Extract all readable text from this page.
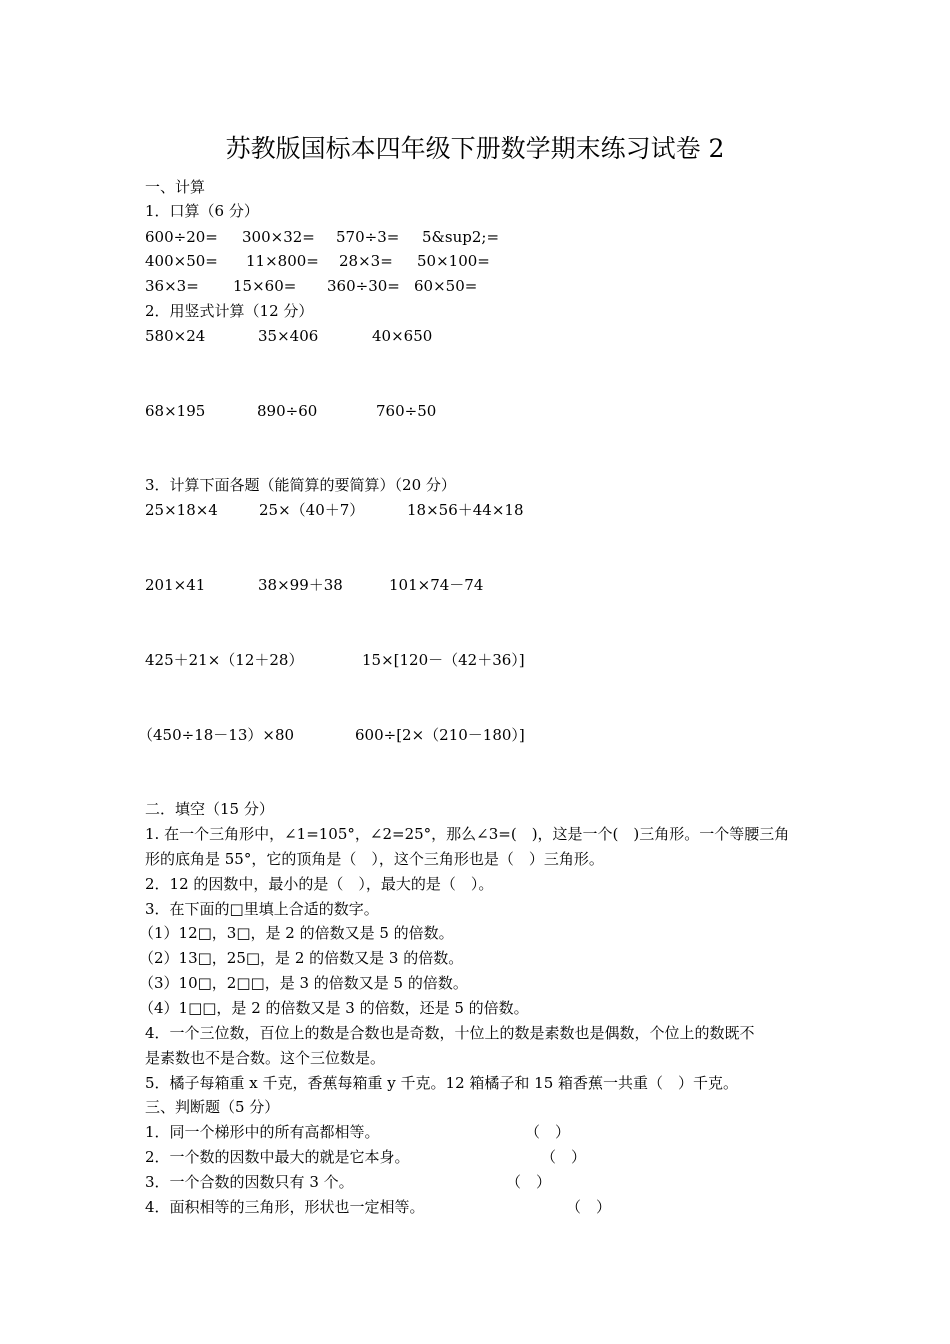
苏教版国标本四年级下册数学期末练习试卷 2
一、计算
1．口算（6 分）
600÷20= 300×32= 570÷3= 5&sup2;=
400×50= 11×800= 28×3= 50×100=
36×3= 15×60= 360÷30= 60×50=
2．用竖式计算（12 分）
580×24	35×406	40×650
68×195	890÷60	760÷50
3．计算下面各题（能简算的要简算）（20 分）
25×18×4	25×（40＋7）	18×56＋44×18
201×41	38×99＋38	101×74－74
425＋21×（12＋28）	15×[120－（42＋36）]
（450÷18－13）×80	600÷[2×（210－180）]
二．填空（15 分）
1. 在一个三角形中，∠1=105°，∠2=25°，那么∠3=(　)，这是一个(　)三角形。一个等腰三角
形的底角是 55°，它的顶角是（　），这个三角形也是（　）三角形。
2．12 的因数中，最小的是（　），最大的是（　）。
3．在下面的□里填上合适的数字。
（1）12□，3□，是 2 的倍数又是 5 的倍数。
（2）13□，25□，是 2 的倍数又是 3 的倍数。
（3）10□，2□□，是 3 的倍数又是 5 的倍数。
（4）1□□，是 2 的倍数又是 3 的倍数，还是 5 的倍数。
4．一个三位数，百位上的数是合数也是奇数，十位上的数是素数也是偶数，个位上的数既不
是素数也不是合数。这个三位数是。
5．橘子每箱重 x 千克，香蕉每箱重 y 千克。12 箱橘子和 15 箱香蕉一共重（　）千克。
三、判断题（5 分）
1．同一个梯形中的所有高都相等。	（　）
2．一个数的因数中最大的就是它本身。	（　）
3．一个合数的因数只有 3 个。	（　）
4．面积相等的三角形，形状也一定相等。	（　）
